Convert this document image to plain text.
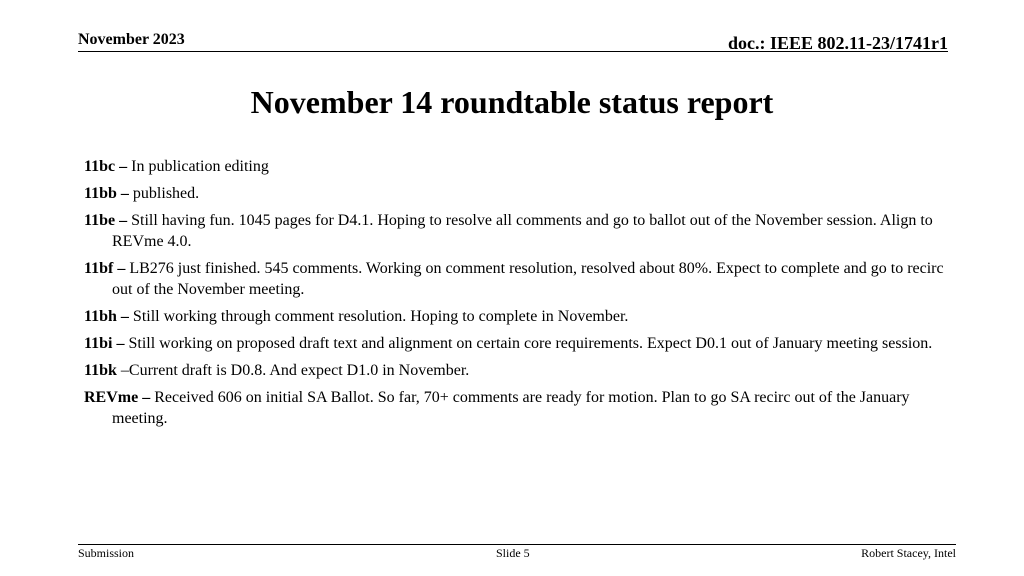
November 2023	doc.: IEEE 802.11-23/1741r1
November 14 roundtable status report
11bc – In publication editing
11bb – published.
11be – Still having fun. 1045 pages for D4.1. Hoping to resolve all comments and go to ballot out of the November session. Align to REVme 4.0.
11bf – LB276 just finished. 545 comments. Working on comment resolution, resolved about 80%. Expect to complete and go to recirc out of the November meeting.
11bh – Still working through comment resolution. Hoping to complete in November.
11bi – Still working on proposed draft text and alignment on certain core requirements. Expect D0.1 out of January meeting session.
11bk –Current draft is D0.8. And expect D1.0 in November.
REVme – Received 606 on initial SA Ballot. So far, 70+ comments are ready for motion. Plan to go SA recirc out of the January meeting.
Submission	Slide 5	Robert Stacey, Intel
